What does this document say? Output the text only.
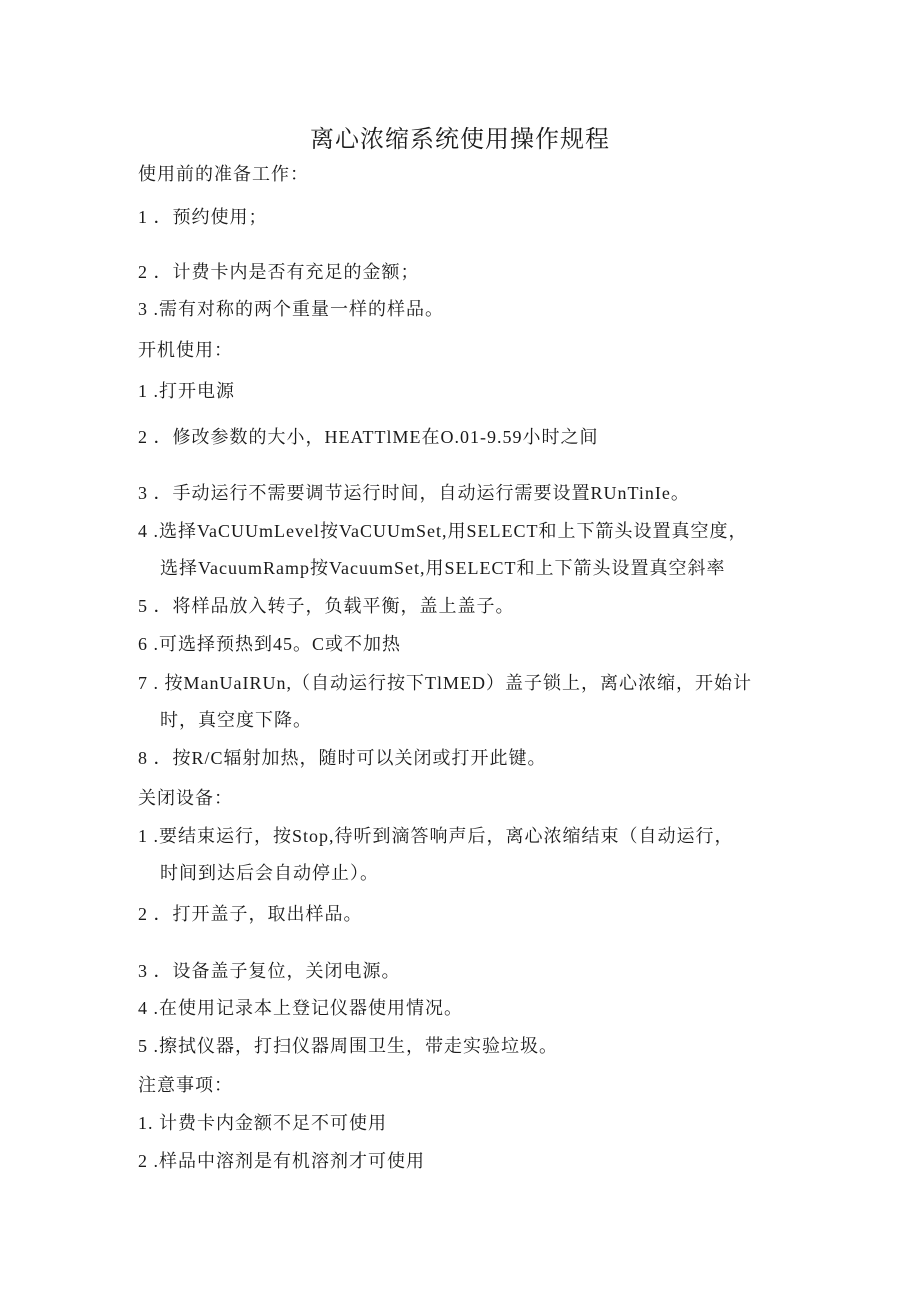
离心浓缩系统使用操作规程
使用前的准备工作：
1 ．预约使用；
2 ．计费卡内是否有充足的金额；
3 .需有对称的两个重量一样的样品。
开机使用：
1 .打开电源
2 ．修改参数的大小，HEATTlME在O.01-9.59小时之间
3 ．手动运行不需要调节运行时间，自动运行需要设置RUnTinIe。
4 .选择VaCUUmLevel按VaCUUmSet,用SELECT和上下箭头设置真空度，
选择VacuumRamp按VacuumSet,用SELECT和上下箭头设置真空斜率
5 ．将样品放入转子，负载平衡，盖上盖子。
6 .可选择预热到45。C或不加热
7 . 按ManUaIRUn,（自动运行按下TlMED）盖子锁上，离心浓缩，开始计
时，真空度下降。
8 ．按R/C辐射加热，随时可以关闭或打开此键。
关闭设备：
1 .要结束运行，按Stop,待听到滴答响声后，离心浓缩结束（自动运行，
时间到达后会自动停止）。
2 ．打开盖子，取出样品。
3 ．设备盖子复位，关闭电源。
4 .在使用记录本上登记仪器使用情况。
5 .擦拭仪器，打扫仪器周围卫生，带走实验垃圾。
注意事项：
1. 计费卡内金额不足不可使用
2 .样品中溶剂是有机溶剂才可使用
